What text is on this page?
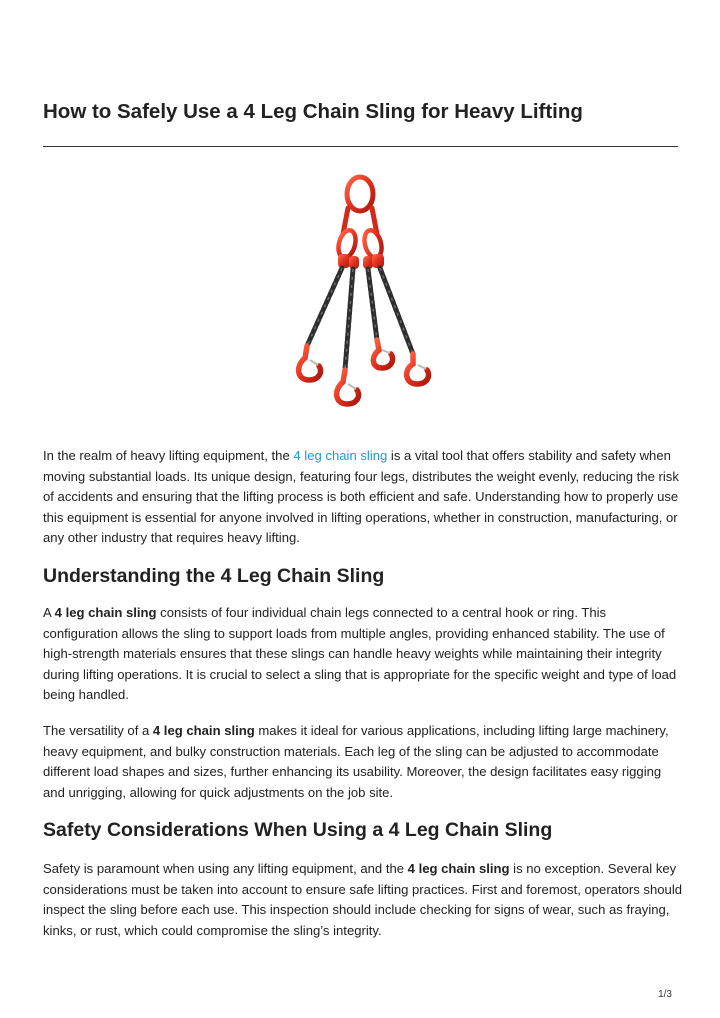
How to Safely Use a 4 Leg Chain Sling for Heavy Lifting

In the realm of heavy lifting equipment, the 4 leg chain sling is a vital tool that offers stability and safety when moving substantial loads. Its unique design, featuring four legs, distributes the weight evenly, reducing the risk of accidents and ensuring that the lifting process is both efficient and safe. Understanding how to properly use this equipment is essential for anyone involved in lifting operations, whether in construction, manufacturing, or any other industry that requires heavy lifting.

Understanding the 4 Leg Chain Sling

A 4 leg chain sling consists of four individual chain legs connected to a central hook or ring. This configuration allows the sling to support loads from multiple angles, providing enhanced stability. The use of high-strength materials ensures that these slings can handle heavy weights while maintaining their integrity during lifting operations. It is crucial to select a sling that is appropriate for the specific weight and type of load being handled.

The versatility of a 4 leg chain sling makes it ideal for various applications, including lifting large machinery, heavy equipment, and bulky construction materials. Each leg of the sling can be adjusted to accommodate different load shapes and sizes, further enhancing its usability. Moreover, the design facilitates easy rigging and unrigging, allowing for quick adjustments on the job site.

Safety Considerations When Using a 4 Leg Chain Sling

Safety is paramount when using any lifting equipment, and the 4 leg chain sling is no exception. Several key considerations must be taken into account to ensure safe lifting practices. First and foremost, operators should inspect the sling before each use. This inspection should include checking for signs of wear, such as fraying, kinks, or rust, which could compromise the sling’s integrity.

1/3
